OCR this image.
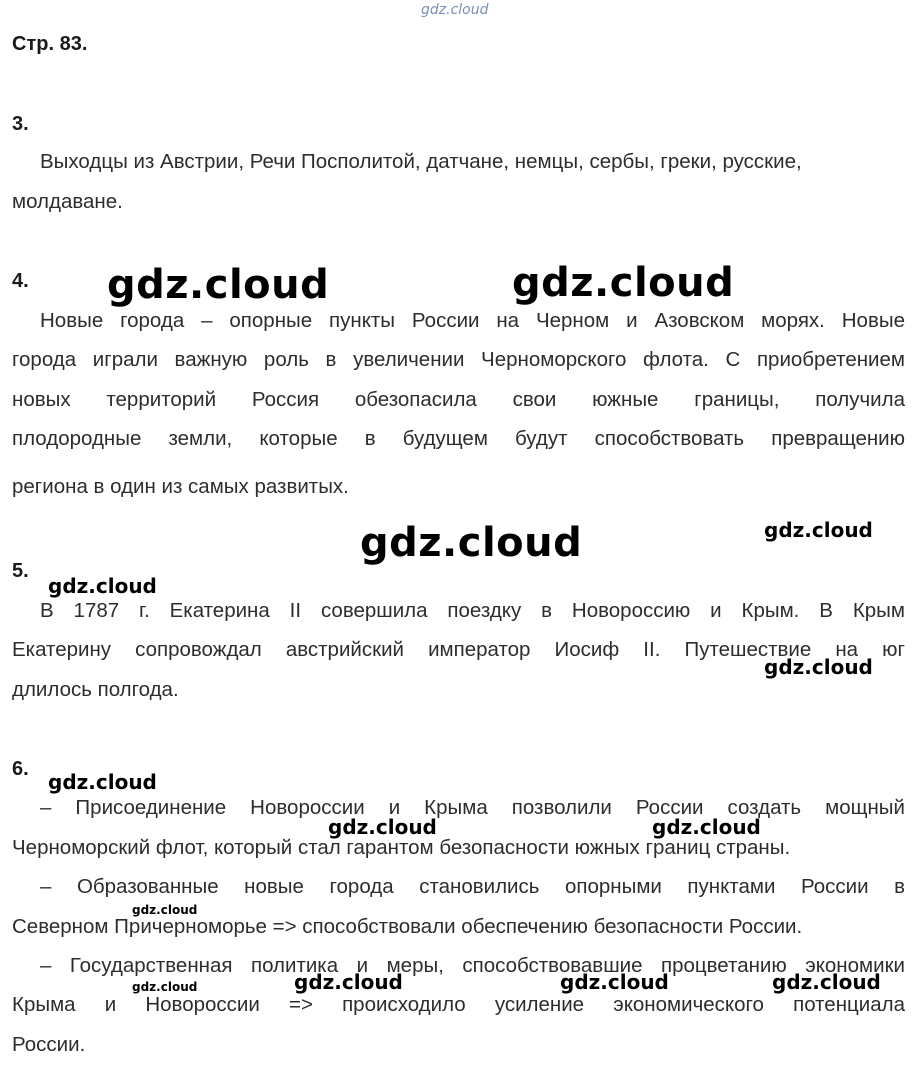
gdz.cloud
Стр. 83.
3.
Выходцы из Австрии, Речи Посполитой, датчане, немцы, сербы, греки, русские,
молдаване.
4.
Новые города – опорные пункты России на Черном и Азовском морях. Новые
города играли важную роль в увеличении Черноморского флота. С приобретением
новых территорий Россия обезопасила свои южные границы, получила
плодородные земли, которые в будущем будут способствовать превращению
региона в один из самых развитых.
5.
В 1787 г. Екатерина II совершила поездку в Новороссию и Крым. В Крым
Екатерину сопровождал австрийский император Иосиф II. Путешествие на юг
длилось полгода.
6.
– Присоединение Новороссии и Крыма позволили России создать мощный
Черноморский флот, который стал гарантом безопасности южных границ страны.
– Образованные новые города становились опорными пунктами России в
Северном Причерноморье => способствовали обеспечению безопасности России.
– Государственная политика и меры, способствовавшие процветанию экономики
Крыма и Новороссии => происходило усиление экономического потенциала
России.
gdz.cloud	gdz.cloud
gdz.cloud	gdz.cloud
gdz.cloud
gdz.cloud
gdz.cloud
gdz.cloud	gdz.cloud
gdz.cloud
gdz.cloud	gdz.cloud	gdz.cloud
gdz.cloud
